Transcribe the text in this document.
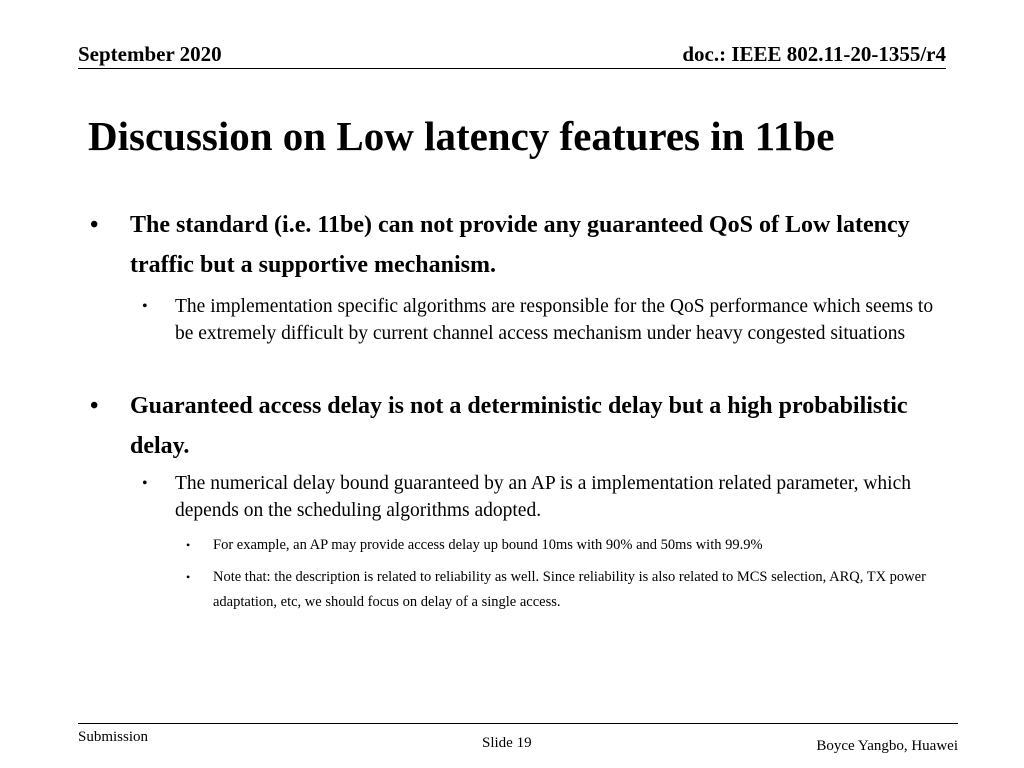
September 2020	doc.: IEEE 802.11-20-1355/r4
Discussion on Low latency features in 11be
• The standard (i.e. 11be) can not provide any guaranteed QoS of Low latency traffic but a supportive mechanism.
• The implementation specific algorithms are responsible for the QoS performance which seems to be extremely difficult by current channel access mechanism under heavy congested situations
• Guaranteed access delay is not a deterministic delay but a high probabilistic delay.
• The numerical delay bound guaranteed by an AP is a implementation related parameter, which depends on the scheduling algorithms adopted.
• For example, an AP may provide access delay up bound 10ms with 90% and 50ms with 99.9%
• Note that: the description is related to reliability as well. Since reliability is also related to MCS selection, ARQ, TX power adaptation, etc, we should focus on delay of a single access.
Submission	Slide 19	Boyce Yangbo, Huawei
